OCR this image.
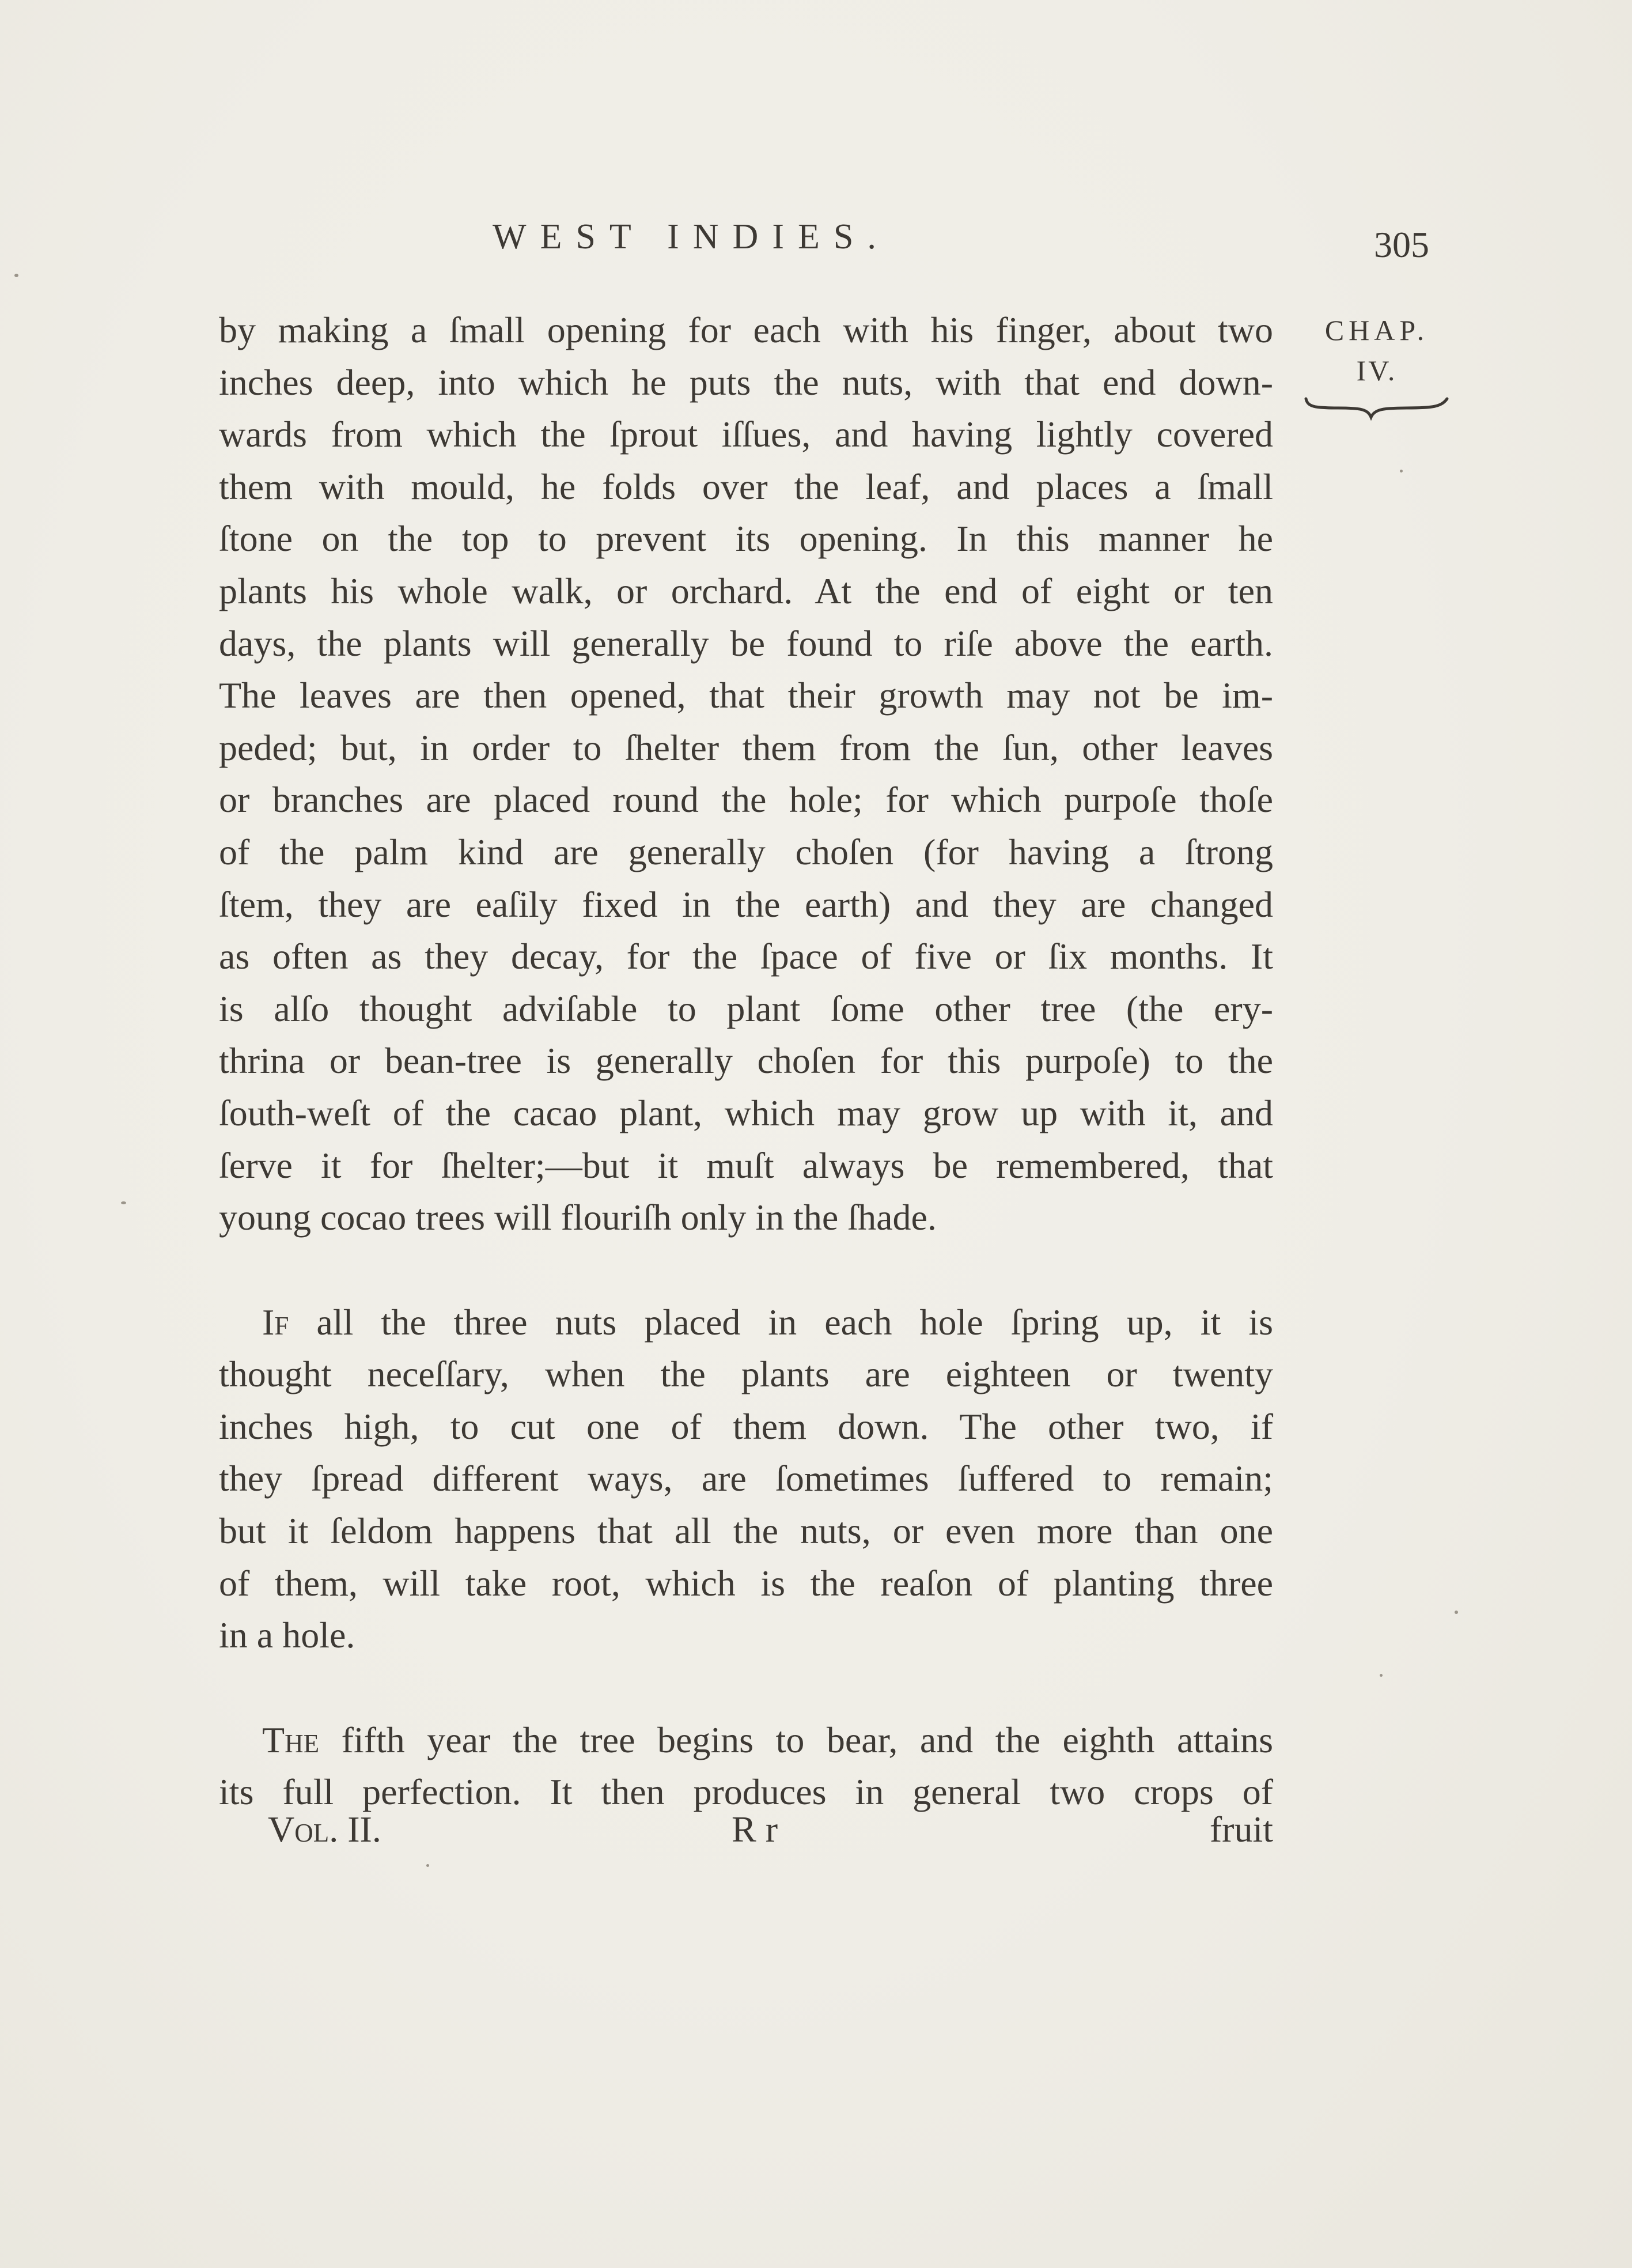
WEST INDIES.	305
CHAP.
IV.

by making a ſmall opening for each with his finger, about two
inches deep, into which he puts the nuts, with that end down-
wards from which the ſprout iſſues, and having lightly covered
them with mould, he folds over the leaf, and places a ſmall
ſtone on the top to prevent its opening. In this manner he
plants his whole walk, or orchard. At the end of eight or ten
days, the plants will generally be found to riſe above the earth.
The leaves are then opened, that their growth may not be im-
peded; but, in order to ſhelter them from the ſun, other leaves
or branches are placed round the hole; for which purpoſe thoſe
of the palm kind are generally choſen (for having a ſtrong
ſtem, they are eaſily fixed in the earth) and they are changed
as often as they decay, for the ſpace of five or ſix months. It
is alſo thought adviſable to plant ſome other tree (the ery-
thrina or bean-tree is generally choſen for this purpoſe) to the
ſouth-weſt of the cacao plant, which may grow up with it, and
ſerve it for ſhelter;—but it muſt always be remembered, that
young cocao trees will flouriſh only in the ſhade.

If all the three nuts placed in each hole ſpring up, it is
thought neceſſary, when the plants are eighteen or twenty
inches high, to cut one of them down. The other two, if
they ſpread different ways, are ſometimes ſuffered to remain;
but it ſeldom happens that all the nuts, or even more than one
of them, will take root, which is the reaſon of planting three
in a hole.

The fifth year the tree begins to bear, and the eighth attains
its full perfection. It then produces in general two crops of

Vol. II.	R r	fruit
